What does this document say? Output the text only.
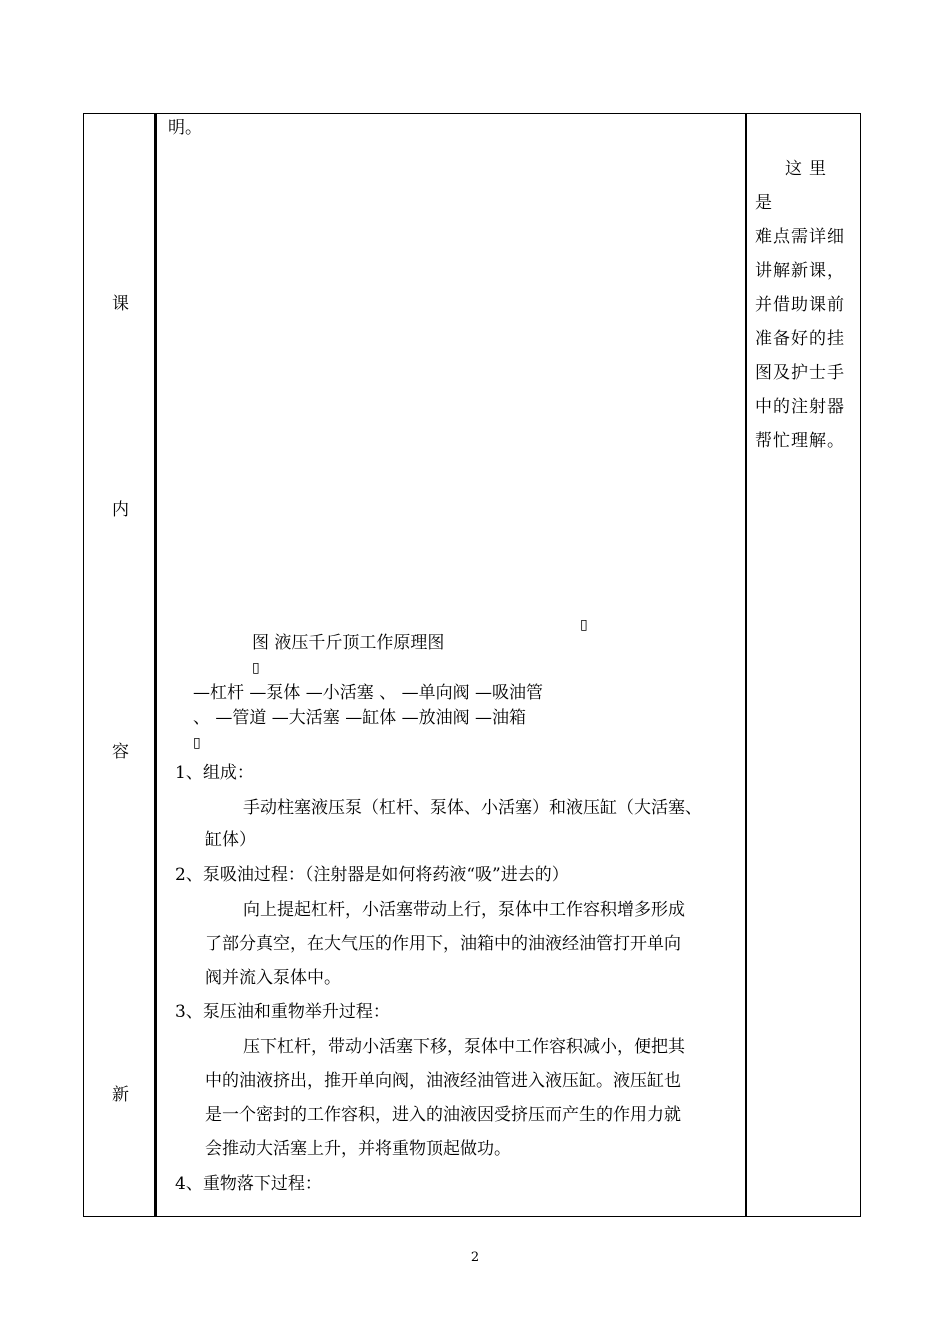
课
内
容
新
明。
▯
图 液压千斤顶工作原理图
▯
—杠杆 —泵体 —小活塞 、 —单向阀 —吸油管
、 —管道 —大活塞 —缸体 —放油阀 —油箱
▯
1、组成：
手动柱塞液压泵（杠杆、泵体、小活塞）和液压缸（大活塞、
缸体）
2、泵吸油过程：（注射器是如何将药液“吸”进去的）
向上提起杠杆，小活塞带动上行，泵体中工作容积增多形成
了部分真空，在大气压的作用下，油箱中的油液经油管打开单向
阀并流入泵体中。
3、泵压油和重物举升过程：
压下杠杆，带动小活塞下移，泵体中工作容积减小，便把其
中的油液挤出，推开单向阀，油液经油管进入液压缸。液压缸也
是一个密封的工作容积，进入的油液因受挤压而产生的作用力就
会推动大活塞上升，并将重物顶起做功。
4、重物落下过程：

这里是

难点需详细

讲解新课，

并借助课前

准备好的挂

图及护士手

中的注射器

帮忙理解。

2
